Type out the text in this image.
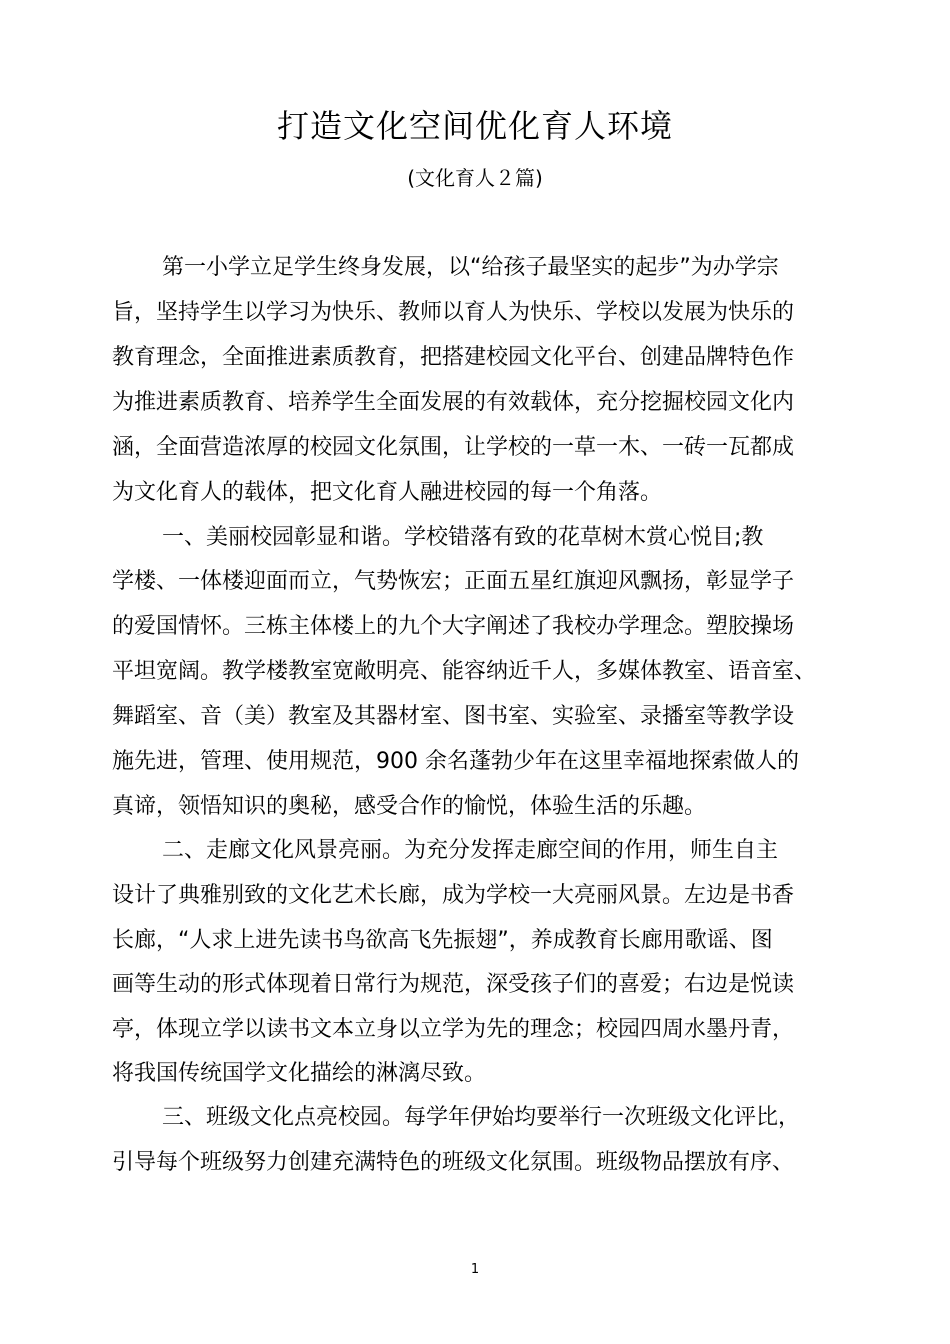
打造文化空间优化育人环境
(文化育人２篇)
第一小学立足学生终身发展，以“给孩子最坚实的起步”为办学宗
旨，坚持学生以学习为快乐、教师以育人为快乐、学校以发展为快乐的
教育理念，全面推进素质教育，把搭建校园文化平台、创建品牌特色作
为推进素质教育、培养学生全面发展的有效载体，充分挖掘校园文化内
涵，全面营造浓厚的校园文化氛围，让学校的一草一木、一砖一瓦都成
为文化育人的载体，把文化育人融进校园的每一个角落。
一、美丽校园彰显和谐。学校错落有致的花草树木赏心悦目;教
学楼、一体楼迎面而立，气势恢宏；正面五星红旗迎风飘扬，彰显学子
的爱国情怀。三栋主体楼上的九个大字阐述了我校办学理念。塑胶操场
平坦宽阔。教学楼教室宽敞明亮、能容纳近千人，多媒体教室、语音室、
舞蹈室、音（美）教室及其器材室、图书室、实验室、录播室等教学设
施先进，管理、使用规范，900 余名蓬勃少年在这里幸福地探索做人的
真谛，领悟知识的奥秘，感受合作的愉悦，体验生活的乐趣。
二、走廊文化风景亮丽。为充分发挥走廊空间的作用，师生自主
设计了典雅别致的文化艺术长廊，成为学校一大亮丽风景。左边是书香
长廊，“人求上进先读书鸟欲高飞先振翅”，养成教育长廊用歌谣、图
画等生动的形式体现着日常行为规范，深受孩子们的喜爱；右边是悦读
亭，体现立学以读书文本立身以立学为先的理念；校园四周水墨丹青，
将我国传统国学文化描绘的淋漓尽致。
三、班级文化点亮校园。每学年伊始均要举行一次班级文化评比，
引导每个班级努力创建充满特色的班级文化氛围。班级物品摆放有序、
1
